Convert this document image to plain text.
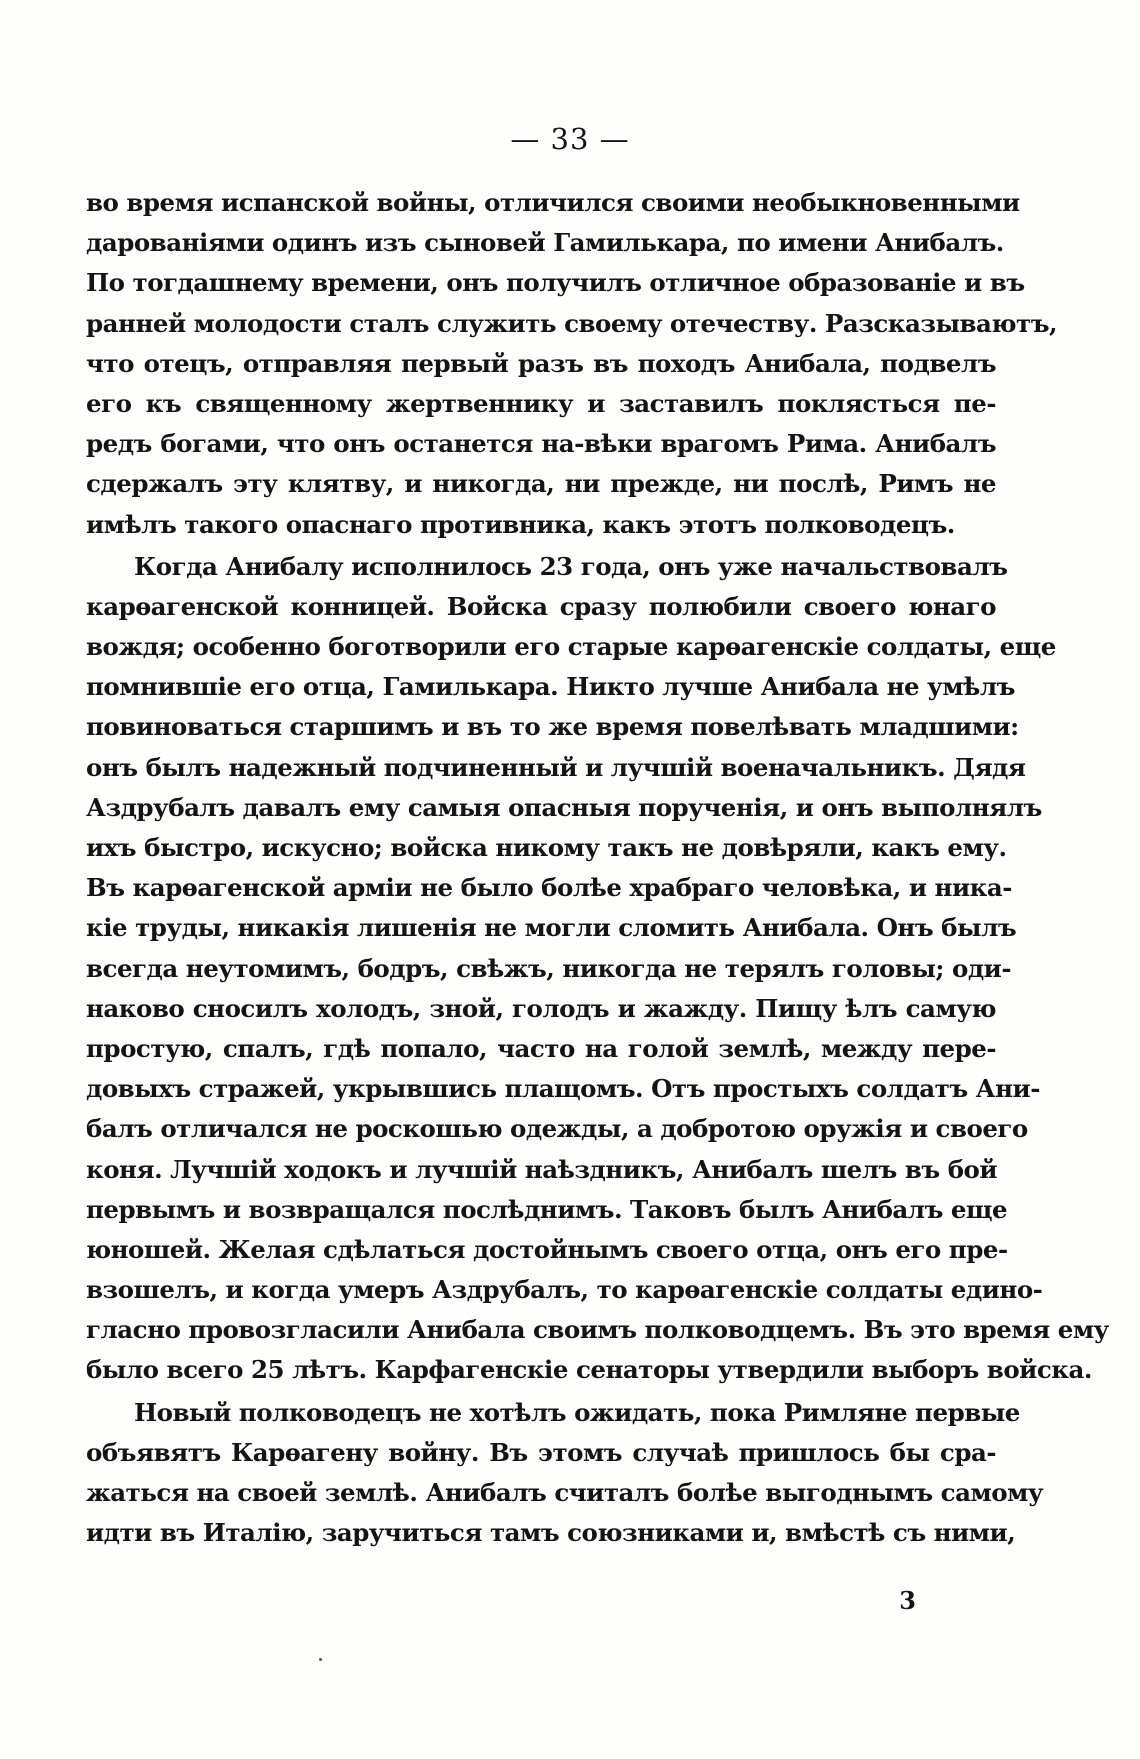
— 33 —
во время испанской войны, отличился своими необыкновенными
дарованіями одинъ изъ сыновей Гамилькара, по имени Анибалъ.
По тогдашнему времени, онъ получилъ отличное образованіе и въ
ранней молодости сталъ служить своему отечеству. Разсказываютъ,
что отецъ, отправляя первый разъ въ походъ Анибала, подвелъ
его къ священному жертвеннику и заставилъ поклясться пе-
редъ богами, что онъ останется на-вѣки врагомъ Рима. Анибалъ
сдержалъ эту клятву, и никогда, ни прежде, ни послѣ, Римъ не
имѣлъ такого опаснаго противника, какъ этотъ полководецъ.
Когда Анибалу исполнилось 23 года, онъ уже начальствовалъ
карѳагенской конницей. Войска сразу полюбили своего юнаго
вождя; особенно боготворили его старые карѳагенскіе солдаты, еще
помнившіе его отца, Гамилькара. Никто лучше Анибала не умѣлъ
повиноваться старшимъ и въ то же время повелѣвать младшими:
онъ былъ надежный подчиненный и лучшій военачальникъ. Дядя
Аздрубалъ давалъ ему самыя опасныя порученія, и онъ выполнялъ
ихъ быстро, искусно; войска никому такъ не довѣряли, какъ ему.
Въ карѳагенской арміи не было болѣе храбраго человѣка, и ника-
кіе труды, никакія лишенія не могли сломить Анибала. Онъ былъ
всегда неутомимъ, бодръ, свѣжъ, никогда не терялъ головы; оди-
наково сносилъ холодъ, зной, голодъ и жажду. Пищу ѣлъ самую
простую, спалъ, гдѣ попало, часто на голой землѣ, между пере-
довыхъ стражей, укрывшись плащомъ. Отъ простыхъ солдатъ Ани-
балъ отличался не роскошью одежды, а добротою оружія и своего
коня. Лучшій ходокъ и лучшій наѣздникъ, Анибалъ шелъ въ бой
первымъ и возвращался послѣднимъ. Таковъ былъ Анибалъ еще
юношей. Желая сдѣлаться достойнымъ своего отца, онъ его пре-
взошелъ, и когда умеръ Аздрубалъ, то карѳагенскіе солдаты едино-
гласно провозгласили Анибала своимъ полководцемъ. Въ это время ему
было всего 25 лѣтъ. Карфагенскіе сенаторы утвердили выборъ войска.
Новый полководецъ не хотѣлъ ожидать, пока Римляне первые
объявятъ Карѳагену войну. Въ этомъ случаѣ пришлось бы сра-
жаться на своей землѣ. Анибалъ считалъ болѣе выгоднымъ самому
идти въ Италію, заручиться тамъ союзниками и, вмѣстѣ съ ними,
3
